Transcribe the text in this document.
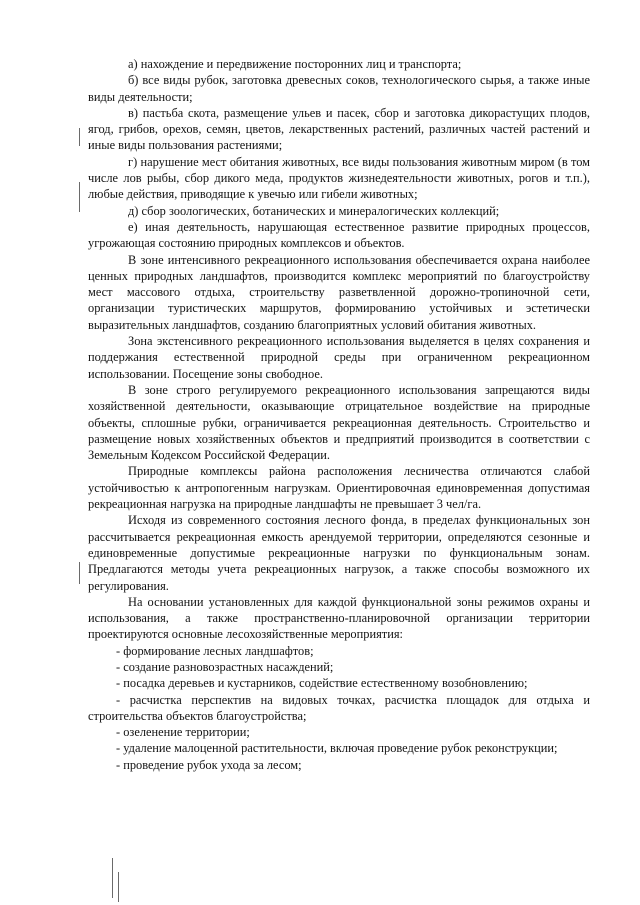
а) нахождение и передвижение посторонних лиц и транспорта;

б) все виды рубок, заготовка древесных соков, технологического сырья, а также иные виды деятельности;

в) пастьба скота, размещение ульев и пасек, сбор и заготовка дикорастущих плодов, ягод, грибов, орехов, семян, цветов, лекарственных растений, различных частей растений и иные виды пользования растениями;

г) нарушение мест обитания животных, все виды пользования животным миром (в том числе лов рыбы, сбор дикого меда, продуктов жизнедеятельности животных, рогов и т.п.), любые действия, приводящие к увечью или гибели животных;

д) сбор зоологических, ботанических и минералогических коллекций;

е) иная деятельность, нарушающая естественное развитие природных процессов, угрожающая состоянию природных комплексов и объектов.

В зоне интенсивного рекреационного использования обеспечивается охрана наиболее ценных природных ландшафтов, производится комплекс мероприятий по благоустройству мест массового отдыха, строительству разветвленной дорожно-тропиночной сети, организации туристических маршрутов, формированию устойчивых и эстетически выразительных ландшафтов, созданию благоприятных условий обитания животных.

Зона экстенсивного рекреационного использования выделяется в целях сохранения и поддержания естественной природной среды при ограниченном рекреационном использовании. Посещение зоны свободное.

В зоне строго регулируемого рекреационного использования запрещаются виды хозяйственной деятельности, оказывающие отрицательное воздействие на природные объекты, сплошные рубки, ограничивается рекреационная деятельность. Строительство и размещение новых хозяйственных объектов и предприятий производится в соответствии с Земельным Кодексом Российской Федерации.

Природные комплексы района расположения лесничества отличаются слабой устойчивостью к антропогенным нагрузкам. Ориентировочная единовременная допустимая рекреационная нагрузка на природные ландшафты не превышает 3 чел/га.

Исходя из современного состояния лесного фонда, в пределах функциональных зон рассчитывается рекреационная емкость арендуемой территории, определяются сезонные и единовременные допустимые рекреационные нагрузки по функциональным зонам. Предлагаются методы учета рекреационных нагрузок, а также способы возможного их регулирования.

На основании установленных для каждой функциональной зоны режимов охраны и использования, а также пространственно-планировочной организации территории проектируются основные лесохозяйственные мероприятия:

- формирование лесных ландшафтов;

- создание разновозрастных насаждений;

- посадка деревьев и кустарников, содействие естественному возобновлению;

- расчистка перспектив на видовых точках, расчистка площадок для отдыха и строительства объектов благоустройства;

- озеленение территории;

- удаление малоценной растительности, включая проведение рубок реконструкции;

- проведение рубок ухода за лесом;
